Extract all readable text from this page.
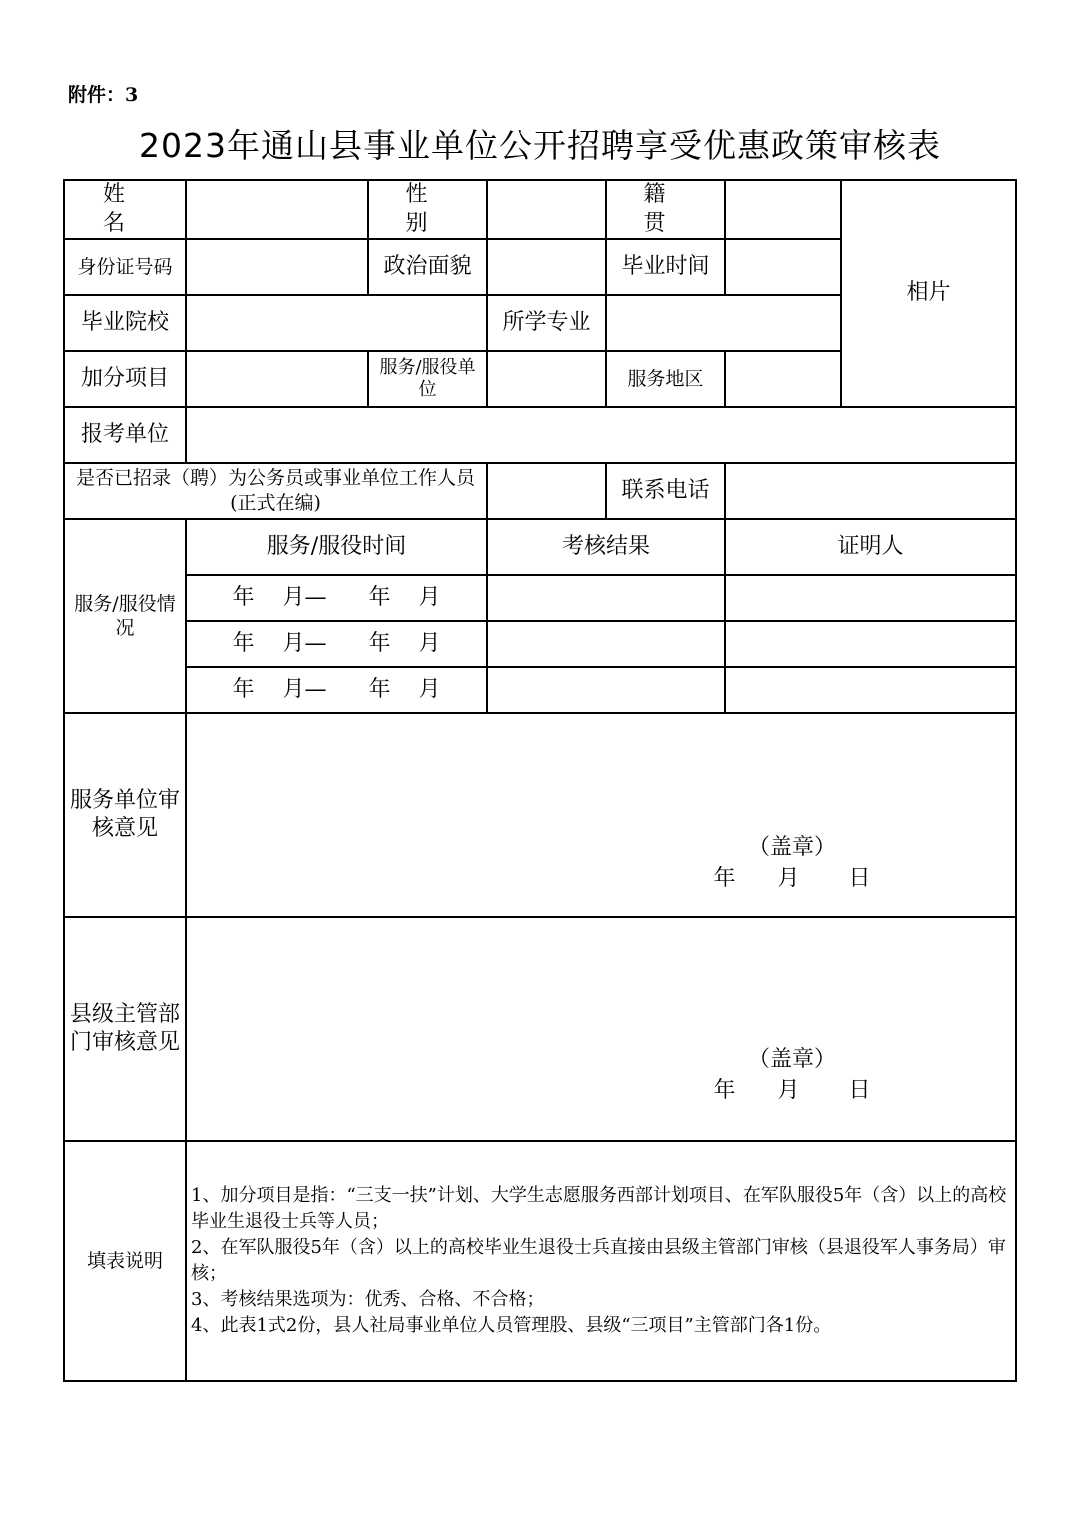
附件：3
2023年通山县事业单位公开招聘享受优惠政策审核表
姓 名		性 别		籍 贯		相片
身份证号码		政治面貌		毕业时间		
毕业院校			所学专业			
加分项目		服务/服役单位		服务地区		
报考单位						
是否已招录（聘）为公务员或事业单位工作人员(正式在编)				联系电话		
服务/服役情况	服务/服役时间		考核结果		证明人	
	年    月—      年    月					
	年    月—      年    月					
	年    月—      年    月					
服务单位审核意见	（盖章）
年      月       日					

县级主管部门审核意见	（盖章）
年      月       日					

填表说明	1、加分项目是指：“三支一扶”计划、大学生志愿服务西部计划项目、在军队服役5年（含）以上的高校毕业生退役士兵等人员；
2、在军队服役5年（含）以上的高校毕业生退役士兵直接由县级主管部门审核（县退役军人事务局）审核；
3、考核结果选项为：优秀、合格、不合格；
4、此表1式2份，县人社局事业单位人员管理股、县级“三项目”主管部门各1份。					
